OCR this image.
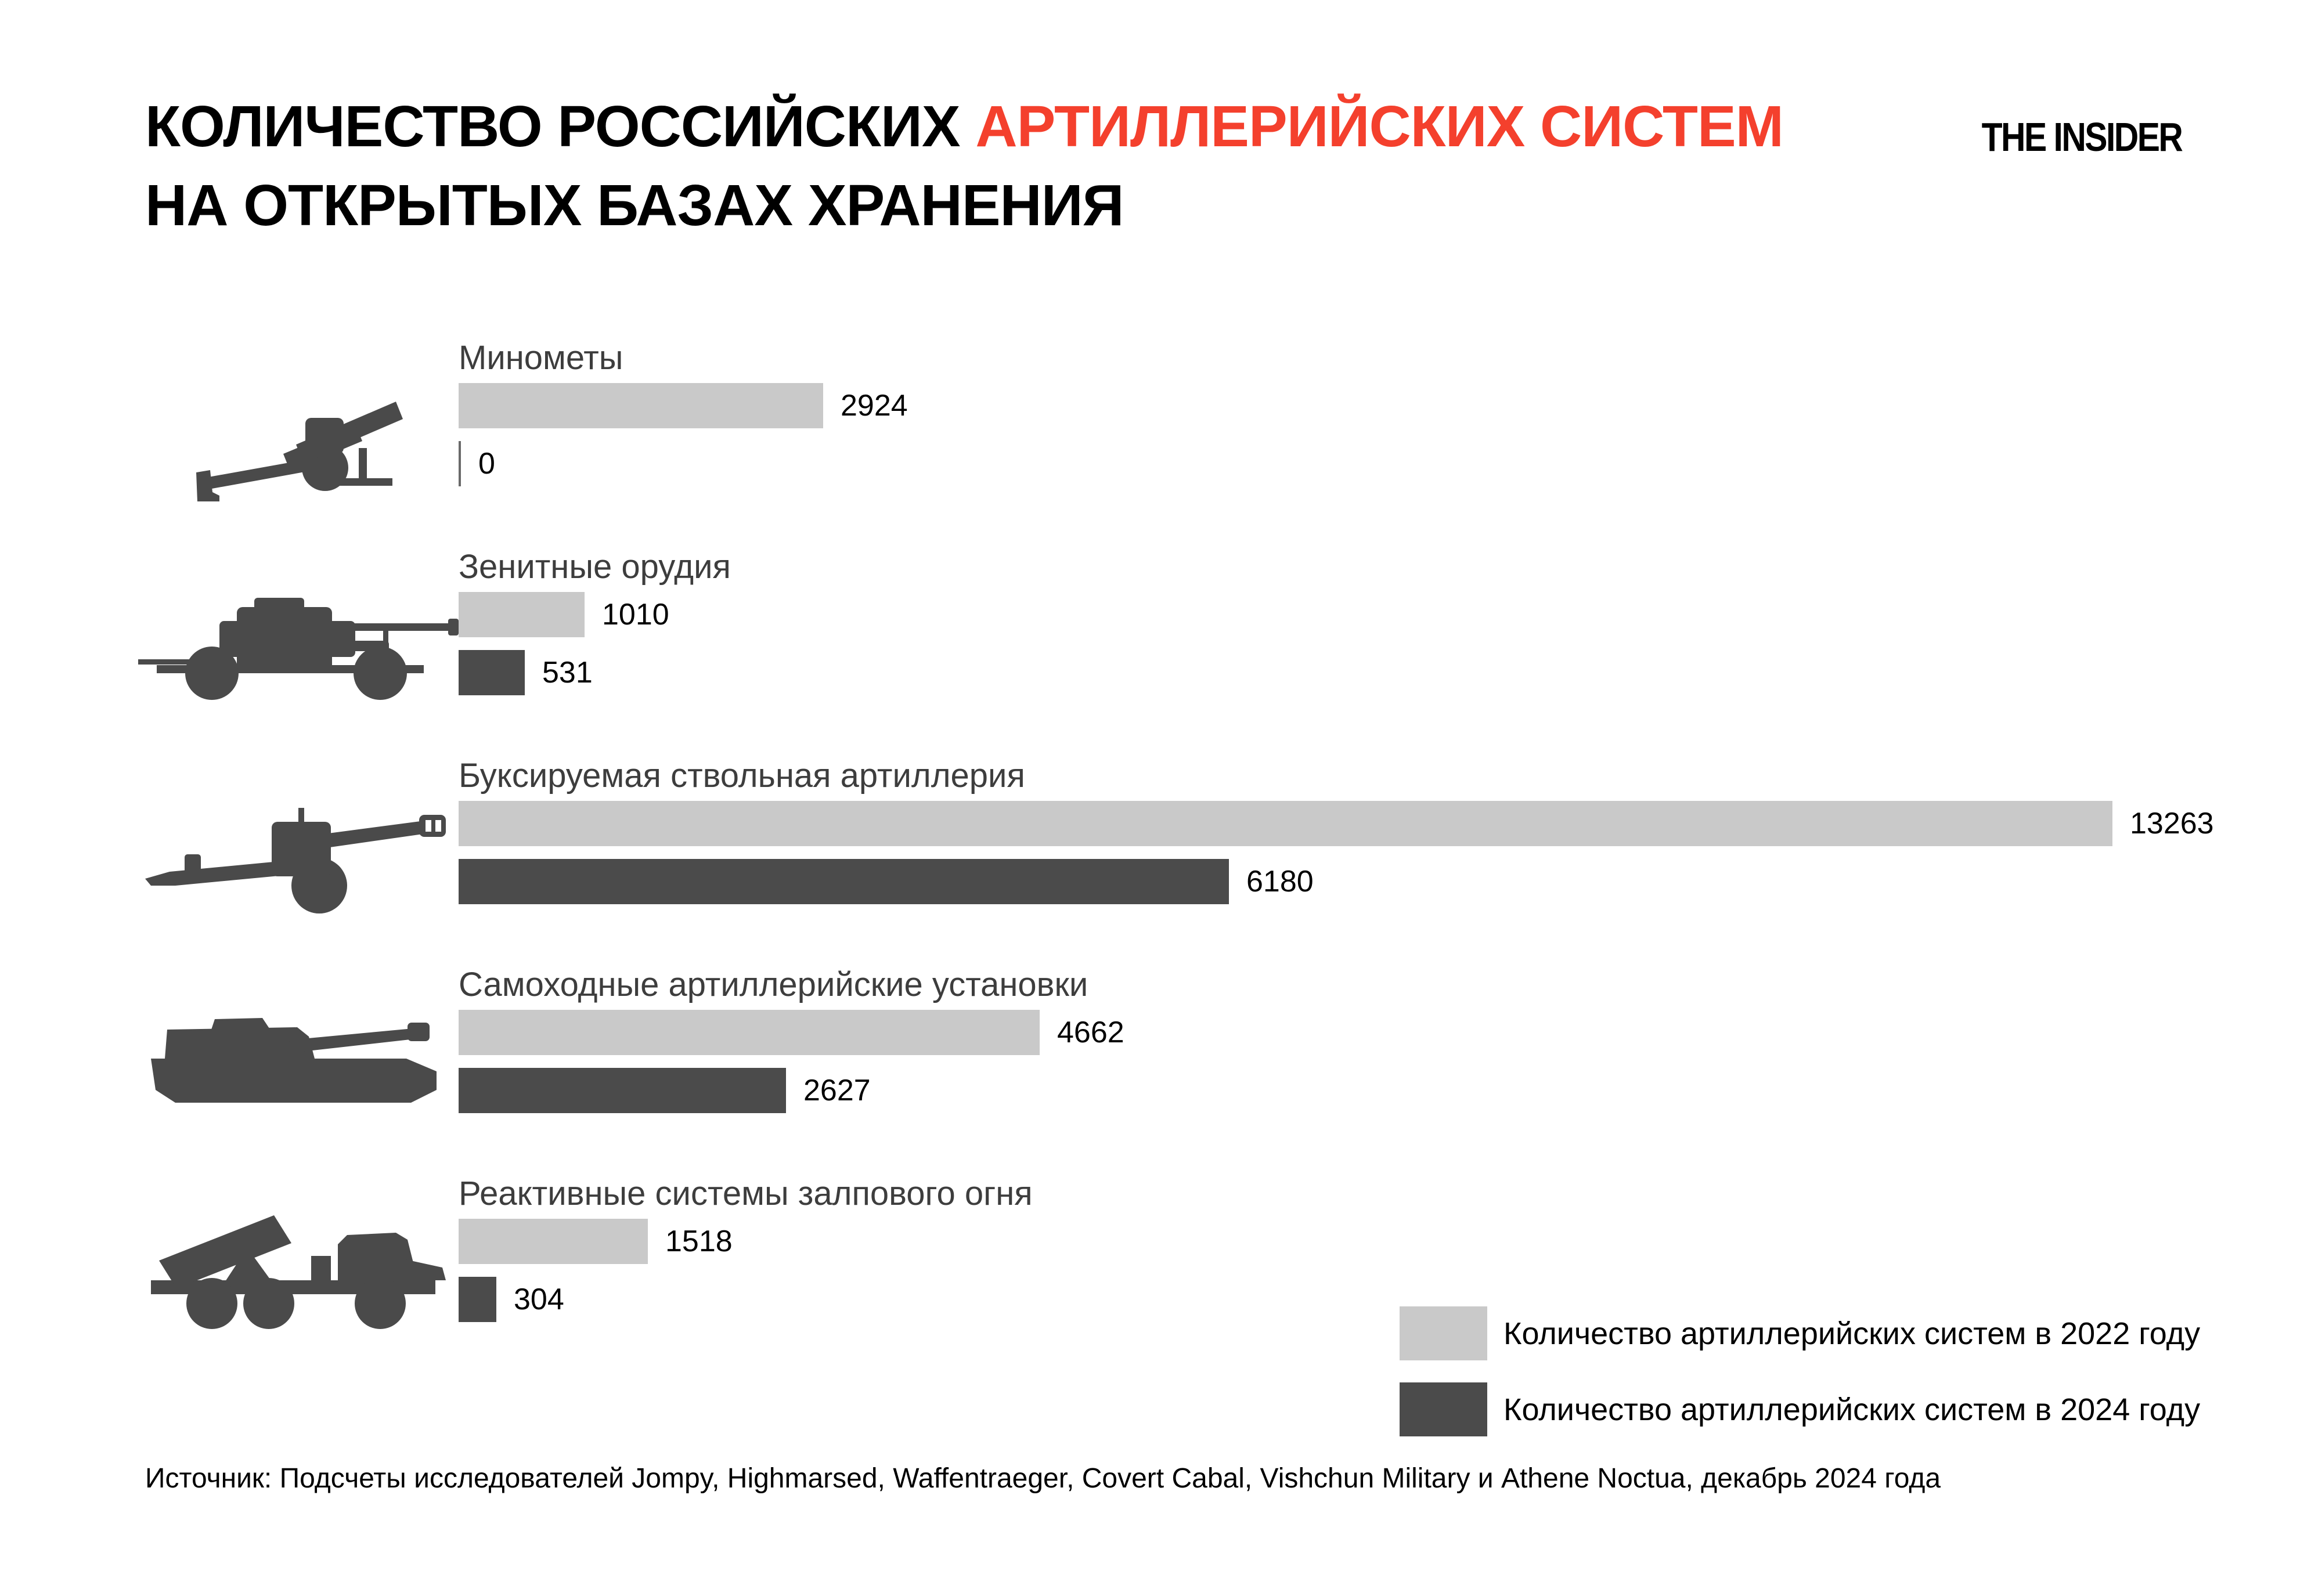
КОЛИЧЕСТВО РОССИЙСКИХ АРТИЛЛЕРИЙСКИХ СИСТЕМ
НА ОТКРЫТЫХ БАЗАХ ХРАНЕНИЯ
THE INSIDER
Минометы
2924
0
Зенитные орудия
1010
531
Буксируемая ствольная артиллерия
13263
6180
Самоходные артиллерийские установки
4662
2627
Реактивные системы залпового огня
1518
304
Количество артиллерийских систем в 2022 году
Количество артиллерийских систем в 2024 году
Источник: Подсчеты исследователей Jompy, Highmarsed, Waffentraeger, Covert Cabal, Vishchun Military и Athene Noctua, декабрь 2024 года
